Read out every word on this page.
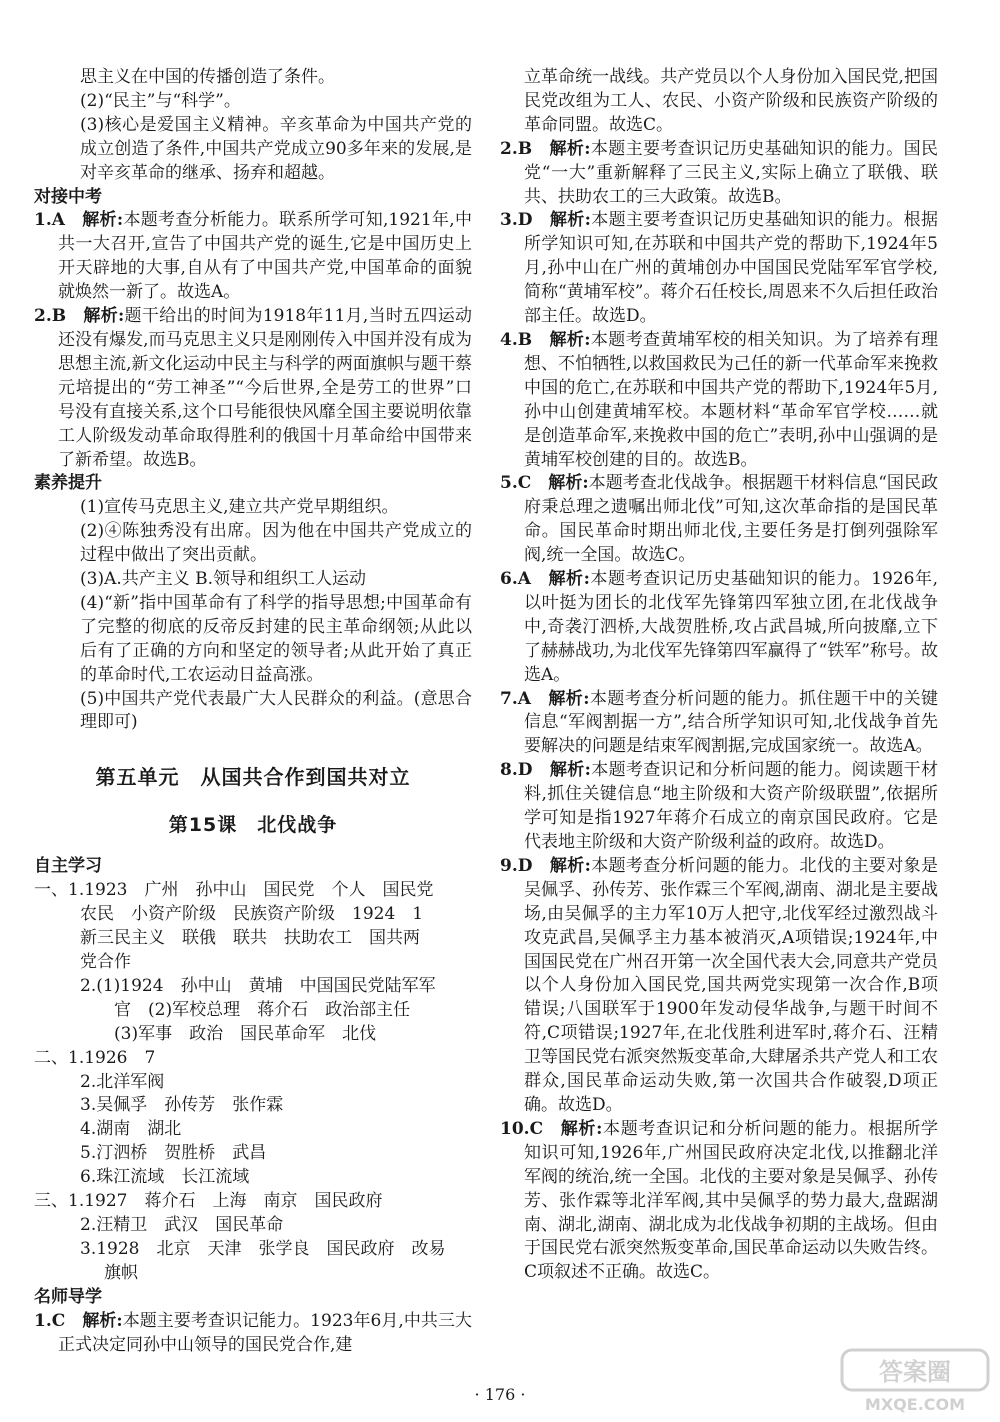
思主义在中国的传播创造了条件。

(2)“民主”与“科学”。

(3)核心是爱国主义精神。辛亥革命为中国共产党的成立创造了条件,中国共产党成立90多年来的发展,是对辛亥革命的继承、扬弃和超越。

对接中考

1.A  解析:本题考查分析能力。联系所学可知,1921年,中共一大召开,宣告了中国共产党的诞生,它是中国历史上开天辟地的大事,自从有了中国共产党,中国革命的面貌就焕然一新了。故选A。

2.B  解析:题干给出的时间为1918年11月,当时五四运动还没有爆发,而马克思主义只是刚刚传入中国并没有成为思想主流,新文化运动中民主与科学的两面旗帜与题干蔡元培提出的“劳工神圣”“今后世界,全是劳工的世界”口号没有直接关系,这个口号能很快风靡全国主要说明依靠工人阶级发动革命取得胜利的俄国十月革命给中国带来了新希望。故选B。

素养提升

(1)宣传马克思主义,建立共产党早期组织。

(2)④陈独秀没有出席。因为他在中国共产党成立的过程中做出了突出贡献。

(3)A.共产主义 B.领导和组织工人运动

(4)“新”指中国革命有了科学的指导思想;中国革命有了完整的彻底的反帝反封建的民主革命纲领;从此以后有了正确的方向和坚定的领导者;从此开始了真正的革命时代,工农运动日益高涨。

(5)中国共产党代表最广大人民群众的利益。(意思合理即可)

第五单元　从国共合作到国共对立
第15课　北伐战争

自主学习

一、1.1923　广州　孙中山　国民党　个人　国民党

农民　小资产阶级　民族资产阶级　1924　1

新三民主义　联俄　联共　扶助农工　国共两

党合作

2.(1)1924　孙中山　黄埔　中国国民党陆军军

官　(2)军校总理　蒋介石　政治部主任

(3)军事　政治　国民革命军　北伐

二、1.1926　7

2.北洋军阀

3.吴佩孚　孙传芳　张作霖

4.湖南　湖北

5.汀泗桥　贺胜桥　武昌

6.珠江流域　长江流域

三、1.1927　蒋介石　上海　南京　国民政府

2.汪精卫　武汉　国民革命

3.1928　北京　天津　张学良　国民政府　改易

旗帜

名师导学

1.C  解析:本题主要考查识记能力。1923年6月,中共三大正式决定同孙中山领导的国民党合作,建

立革命统一战线。共产党员以个人身份加入国民党,把国民党改组为工人、农民、小资产阶级和民族资产阶级的革命同盟。故选C。

2.B  解析:本题主要考查识记历史基础知识的能力。国民党“一大”重新解释了三民主义,实际上确立了联俄、联共、扶助农工的三大政策。故选B。

3.D  解析:本题主要考查识记历史基础知识的能力。根据所学知识可知,在苏联和中国共产党的帮助下,1924年5月,孙中山在广州的黄埔创办中国国民党陆军军官学校,简称“黄埔军校”。蒋介石任校长,周恩来不久后担任政治部主任。故选D。

4.B  解析:本题考查黄埔军校的相关知识。为了培养有理想、不怕牺牲,以救国救民为己任的新一代革命军来挽救中国的危亡,在苏联和中国共产党的帮助下,1924年5月,孙中山创建黄埔军校。本题材料“革命军官学校……就是创造革命军,来挽救中国的危亡”表明,孙中山强调的是黄埔军校创建的目的。故选B。

5.C  解析:本题考查北伐战争。根据题干材料信息“国民政府秉总理之遗嘱出师北伐”可知,这次革命指的是国民革命。国民革命时期出师北伐,主要任务是打倒列强除军阀,统一全国。故选C。

6.A  解析:本题考查识记历史基础知识的能力。1926年,以叶挺为团长的北伐军先锋第四军独立团,在北伐战争中,奇袭汀泗桥,大战贺胜桥,攻占武昌城,所向披靡,立下了赫赫战功,为北伐军先锋第四军赢得了“铁军”称号。故选A。

7.A  解析:本题考查分析问题的能力。抓住题干中的关键信息“军阀割据一方”,结合所学知识可知,北伐战争首先要解决的问题是结束军阀割据,完成国家统一。故选A。

8.D  解析:本题考查识记和分析问题的能力。阅读题干材料,抓住关键信息“地主阶级和大资产阶级联盟”,依据所学可知是指1927年蒋介石成立的南京国民政府。它是代表地主阶级和大资产阶级利益的政府。故选D。

9.D  解析:本题考查分析问题的能力。北伐的主要对象是吴佩孚、孙传芳、张作霖三个军阀,湖南、湖北是主要战场,由吴佩孚的主力军10万人把守,北伐军经过激烈战斗攻克武昌,吴佩孚主力基本被消灭,A项错误;1924年,中国国民党在广州召开第一次全国代表大会,同意共产党员以个人身份加入国民党,国共两党实现第一次合作,B项错误;八国联军于1900年发动侵华战争,与题干时间不符,C项错误;1927年,在北伐胜利进军时,蒋介石、汪精卫等国民党右派突然叛变革命,大肆屠杀共产党人和工农群众,国民革命运动失败,第一次国共合作破裂,D项正确。故选D。

10.C  解析:本题考查识记和分析问题的能力。根据所学知识可知,1926年,广州国民政府决定北伐,以推翻北洋军阀的统治,统一全国。北伐的主要对象是吴佩孚、孙传芳、张作霖等北洋军阀,其中吴佩孚的势力最大,盘踞湖南、湖北,湖南、湖北成为北伐战争初期的主战场。但由于国民党右派突然叛变革命,国民革命运动以失败告终。C项叙述不正确。故选C。

· 176 ·
答案圈
MXQE.COM
